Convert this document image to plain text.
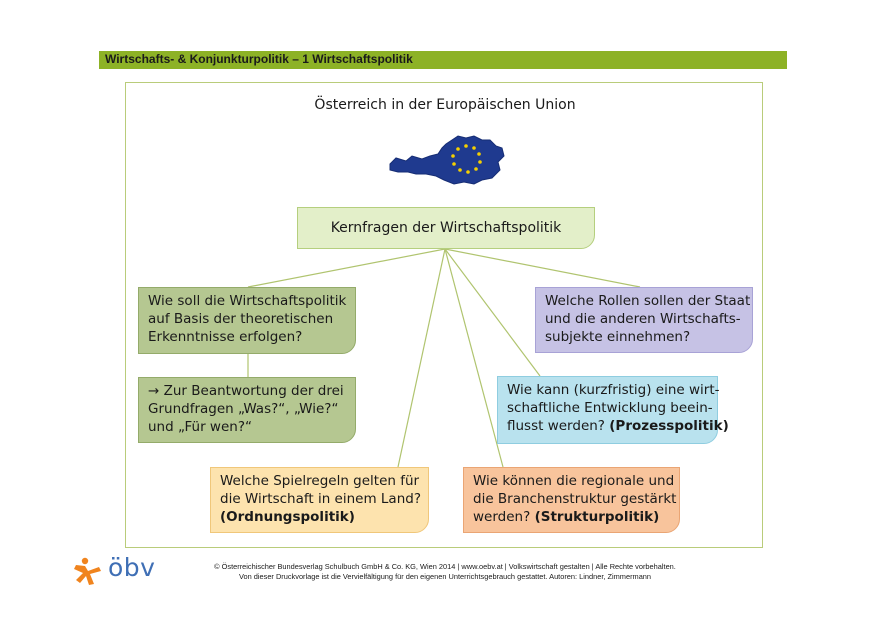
Wirtschafts- & Konjunkturpolitik – 1 Wirtschaftspolitik
Österreich in der Europäischen Union
Kernfragen der Wirtschaftspolitik
Wie soll die Wirtschaftspolitik
auf Basis der theoretischen
Erkenntnisse erfolgen?
→ Zur Beantwortung der drei
Grundfragen „Was?“, „Wie?“
und „Für wen?“
Welche Rollen sollen der Staat
und die anderen Wirtschafts-
subjekte einnehmen?
Wie kann (kurzfristig) eine wirt-
schaftliche Entwicklung beein-
flusst werden? (Prozesspolitik)
Welche Spielregeln gelten für
die Wirtschaft in einem Land?
(Ordnungspolitik)
Wie können die regionale und
die Branchenstruktur gestärkt
werden? (Strukturpolitik)
öbv	© Österreichischer Bundesverlag Schulbuch GmbH & Co. KG, Wien 2014 | www.oebv.at | Volkswirtschaft gestalten | Alle Rechte vorbehalten.
Von dieser Druckvorlage ist die Vervielfältigung für den eigenen Unterrichtsgebrauch gestattet. Autoren: Lindner, Zimmermann
